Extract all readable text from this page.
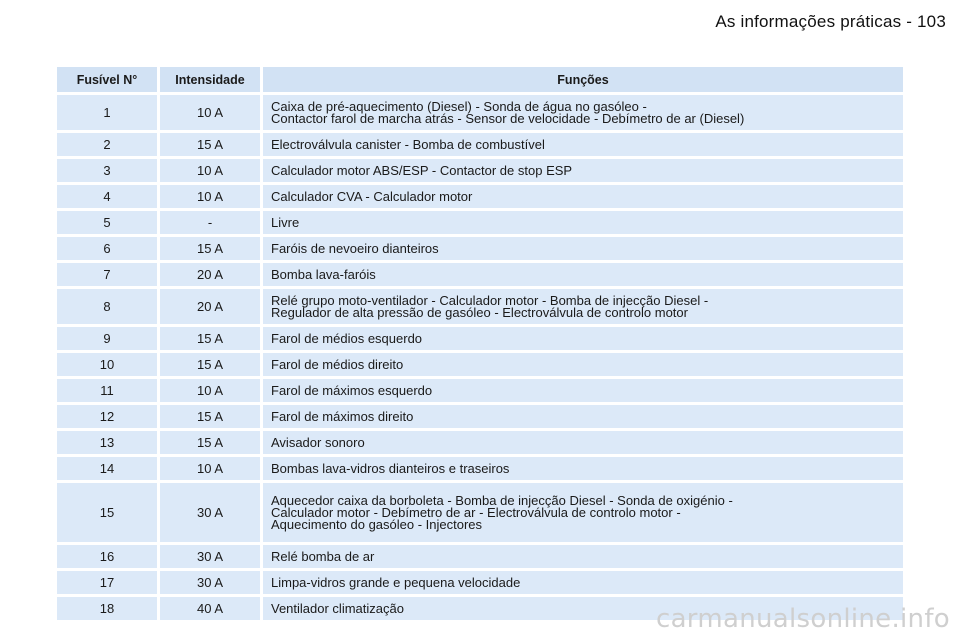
As informações práticas - 103
Fusível N°	Intensidade	Funções
1	10 A	Caixa de pré-aquecimento (Diesel) - Sonda de água no gasóleo -
Contactor farol de marcha atrás - Sensor de velocidade - Debímetro de ar (Diesel)
2	15 A	Electroválvula canister - Bomba de combustível
3	10 A	Calculador motor ABS/ESP - Contactor de stop ESP
4	10 A	Calculador CVA - Calculador motor
5	-	Livre
6	15 A	Faróis de nevoeiro dianteiros
7	20 A	Bomba lava-faróis
8	20 A	Relé grupo moto-ventilador - Calculador motor - Bomba de injecção Diesel -
Regulador de alta pressão de gasóleo - Electroválvula de controlo motor
9	15 A	Farol de médios esquerdo
10	15 A	Farol de médios direito
11	10 A	Farol de máximos esquerdo
12	15 A	Farol de máximos direito
13	15 A	Avisador sonoro
14	10 A	Bombas lava-vidros dianteiros e traseiros
15	30 A
Aquecedor caixa da borboleta - Bomba de injecção Diesel - Sonda de oxigénio -
Calculador motor - Debímetro de ar - Electroválvula de controlo motor -
Aquecimento do gasóleo - Injectores
16	30 A	Relé bomba de ar
17	30 A	Limpa-vidros grande e pequena velocidade
18	40 A	Ventilador climatização	carmanualsonline.info
